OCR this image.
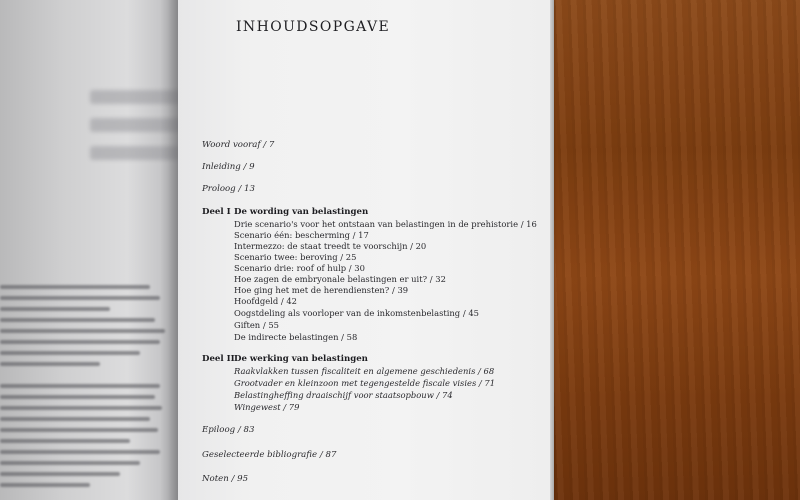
INHOUDSOPGAVE
Woord vooraf / 7
Inleiding / 9
Proloog / 13
Deel I De wording van belastingen
Drie scenario's voor het ontstaan van belastingen in de prehistorie / 16
Scenario één: bescherming / 17
Intermezzo: de staat treedt te voorschijn / 20
Scenario twee: beroving / 25
Scenario drie: roof of hulp / 30
Hoe zagen de embryonale belastingen er uit? / 32
Hoe ging het met de herendiensten? / 39
Hoofdgeld / 42
Oogstdeling als voorloper van de inkomstenbelasting / 45
Giften / 55
De indirecte belastingen / 58
Deel II De werking van belastingen
Raakvlakken tussen fiscaliteit en algemene geschiedenis / 68
Grootvader en kleinzoon met tegengestelde fiscale visies / 71
Belastingheffing draaischijf voor staatsopbouw / 74
Wingewest / 79
Epiloog / 83
Geselecteerde bibliografie / 87
Noten / 95
